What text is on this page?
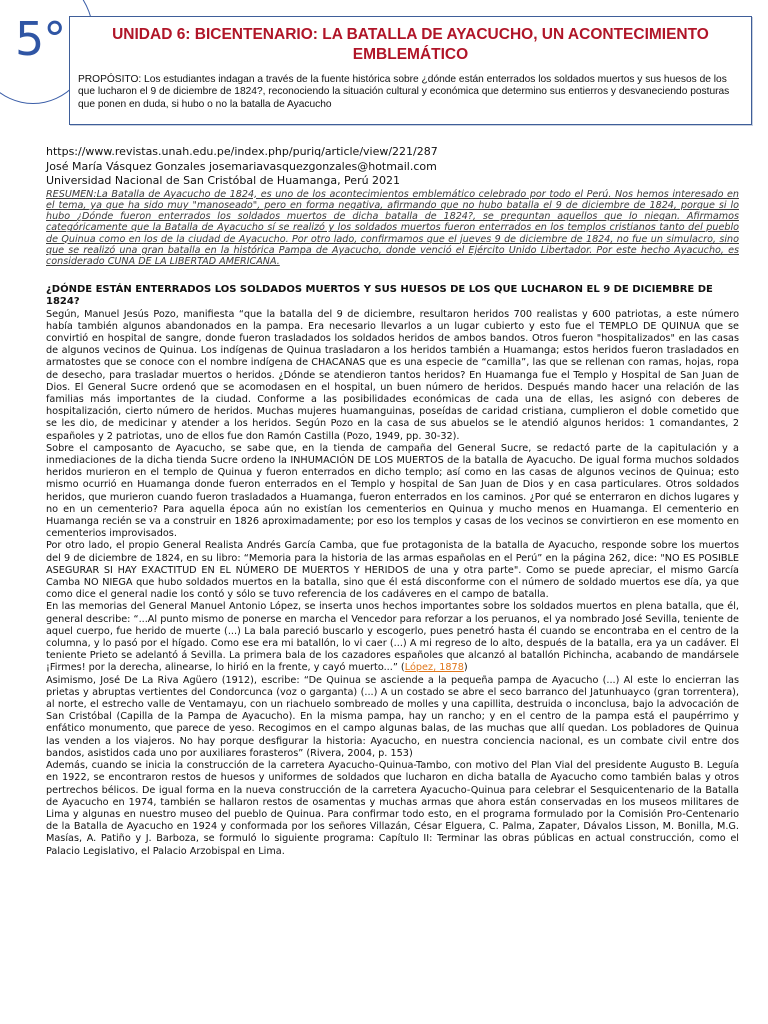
5°	UNIDAD 6: BICENTENARIO: LA BATALLA DE AYACUCHO, UN ACONTECIMIENTO EMBLEMÁTICO

PROPÓSITO: Los estudiantes indagan a través de la fuente histórica sobre ¿dónde están enterrados los soldados muertos y sus huesos de los que lucharon el 9 de diciembre de 1824?, reconociendo la situación cultural y económica que determino sus entierros y desvaneciendo posturas que ponen en duda, si hubo o no la batalla de Ayacucho

https://www.revistas.unah.edu.pe/index.php/puriq/article/view/221/287

José María Vásquez Gonzales josemariavasquezgonzales@hotmail.com

Universidad Nacional de San Cristóbal de Huamanga, Perú 2021

RESUMEN:La Batalla de Ayacucho de 1824, es uno de los acontecimientos emblemático celebrado por todo el Perú. Nos hemos interesado en el tema, ya que ha sido muy "manoseado", pero en forma negativa, afirmando que no hubo batalla el 9 de diciembre de 1824, porque si lo hubo ¿Dónde fueron enterrados los soldados muertos de dicha batalla de 1824?, se preguntan aquellos que lo niegan. Afirmamos categóricamente que la Batalla de Ayacucho sí se realizó y los soldados muertos fueron enterrados en los templos cristianos tanto del pueblo de Quinua como en los de la ciudad de Ayacucho. Por otro lado, confirmamos que el jueves 9 de diciembre de 1824, no fue un simulacro, sino que se realizó una gran batalla en la histórica Pampa de Ayacucho, donde venció el Ejército Unido Libertador. Por este hecho Ayacucho, es considerado CUNA DE LA LIBERTAD AMERICANA.

¿DÓNDE ESTÁN ENTERRADOS LOS SOLDADOS MUERTOS Y SUS HUESOS DE LOS QUE LUCHARON EL 9 DE DICIEMBRE DE 1824?

Según, Manuel Jesús Pozo, manifiesta “que la batalla del 9 de diciembre, resultaron heridos 700 realistas y 600 patriotas, a este número había también algunos abandonados en la pampa. Era necesario llevarlos a un lugar cubierto y esto fue el TEMPLO DE QUINUA que se convirtió en hospital de sangre, donde fueron trasladados los soldados heridos de ambos bandos. Otros fueron "hospitalizados" en las casas de algunos vecinos de Quinua. Los indígenas de Quinua trasladaron a los heridos también a Huamanga; estos heridos fueron trasladados en armatostes que se conoce con el nombre indígena de CHACANAS que es una especie de “camilla”, las que se rellenan con ramas, hojas, ropa de desecho, para trasladar muertos o heridos. ¿Dónde se atendieron tantos heridos? En Huamanga fue el Templo y Hospital de San Juan de Dios. El General Sucre ordenó que se acomodasen en el hospital, un buen número de heridos. Después mando hacer una relación de las familias más importantes de la ciudad. Conforme a las posibilidades económicas de cada una de ellas, les asignó con deberes de hospitalización, cierto número de heridos. Muchas mujeres huamanguinas, poseídas de caridad cristiana, cumplieron el doble cometido que se les dio, de medicinar y atender a los heridos. Según Pozo en la casa de sus abuelos se le atendió algunos heridos: 1 comandantes, 2 españoles y 2 patriotas, uno de ellos fue don Ramón Castilla (Pozo, 1949, pp. 30-32).

Sobre el camposanto de Ayacucho, se sabe que, en la tienda de campaña del General Sucre, se redactó parte de la capitulación y a inmediaciones de la dicha tienda Sucre ordeno la INHUMACIÓN DE LOS MUERTOS de la batalla de Ayacucho. De igual forma muchos soldados heridos murieron en el templo de Quinua y fueron enterrados en dicho templo; así como en las casas de algunos vecinos de Quinua; esto mismo ocurrió en Huamanga donde fueron enterrados en el Templo y hospital de San Juan de Dios y en casa particulares. Otros soldados heridos, que murieron cuando fueron trasladados a Huamanga, fueron enterrados en los caminos. ¿Por qué se enterraron en dichos lugares y no en un cementerio? Para aquella época aún no existían los cementerios en Quinua y mucho menos en Huamanga. El cementerio en Huamanga recién se va a construir en 1826 aproximadamente; por eso los templos y casas de los vecinos se convirtieron en ese momento en cementerios improvisados.

Por otro lado, el propio General Realista Andrés García Camba, que fue protagonista de la batalla de Ayacucho, responde sobre los muertos del 9 de diciembre de 1824, en su libro: “Memoria para la historia de las armas españolas en el Perú” en la página 262, dice: "NO ES POSIBLE ASEGURAR SI HAY EXACTITUD EN EL NÚMERO DE MUERTOS Y HERIDOS de una y otra parte". Como se puede apreciar, el mismo García Camba NO NIEGA que hubo soldados muertos en la batalla, sino que él está disconforme con el número de soldado muertos ese día, ya que como dice el general nadie los contó y sólo se tuvo referencia de los cadáveres en el campo de batalla.

En las memorias del General Manuel Antonio López, se inserta unos hechos importantes sobre los soldados muertos en plena batalla, que él, general describe: “...Al punto mismo de ponerse en marcha el Vencedor para reforzar a los peruanos, el ya nombrado José Sevilla, teniente de aquel cuerpo, fue herido de muerte (...) La bala pareció buscarlo y escogerlo, pues penetró hasta él cuando se encontraba en el centro de la columna, y lo pasó por el hígado. Como ese era mi batallón, lo vi caer (...) A mi regreso de lo alto, después de la batalla, era ya un cadáver. El teniente Prieto se adelantó á Sevilla. La primera bala de los cazadores españoles que alcanzó al batallón Pichincha, acabando de mandársele ¡Firmes! por la derecha, alinearse, lo hirió en la frente, y cayó muerto...” (López, 1878)

Asimismo, José De La Riva Agüero (1912), escribe: “De Quinua se asciende a la pequeña pampa de Ayacucho (...) Al este lo encierran las prietas y abruptas vertientes del Condorcunca (voz o garganta) (...) A un costado se abre el seco barranco del Jatunhuayco (gran torrentera), al norte, el estrecho valle de Ventamayu, con un riachuelo sombreado de molles y una capillita, destruida o inconclusa, bajo la advocación de San Cristóbal (Capilla de la Pampa de Ayacucho). En la misma pampa, hay un rancho; y en el centro de la pampa está el paupérrimo y enfático monumento, que parece de yeso. Recogimos en el campo algunas balas, de las muchas que allí quedan. Los pobladores de Quinua las venden a los viajeros. No hay porque desfigurar la historia: Ayacucho, en nuestra conciencia nacional, es un combate civil entre dos bandos, asistidos cada uno por auxiliares forasteros” (Rivera, 2004, p. 153)

Además, cuando se inicia la construcción de la carretera Ayacucho-Quinua-Tambo, con motivo del Plan Vial del presidente Augusto B. Leguía en 1922, se encontraron restos de huesos y uniformes de soldados que lucharon en dicha batalla de Ayacucho como también balas y otros pertrechos bélicos. De igual forma en la nueva construcción de la carretera Ayacucho-Quinua para celebrar el Sesquicentenario de la Batalla de Ayacucho en 1974, también se hallaron restos de osamentas y muchas armas que ahora están conservadas en los museos militares de Lima y algunas en nuestro museo del pueblo de Quinua. Para confirmar todo esto, en el programa formulado por la Comisión Pro-Centenario de la Batalla de Ayacucho en 1924 y conformada por los señores Villazán, César Elguera, C. Palma, Zapater, Dávalos Lisson, M. Bonilla, M.G. Masías, A. Patiño y J. Barboza, se formuló lo siguiente programa: Capítulo II: Terminar las obras públicas en actual construcción, como el Palacio Legislativo, el Palacio Arzobispal en Lima.
